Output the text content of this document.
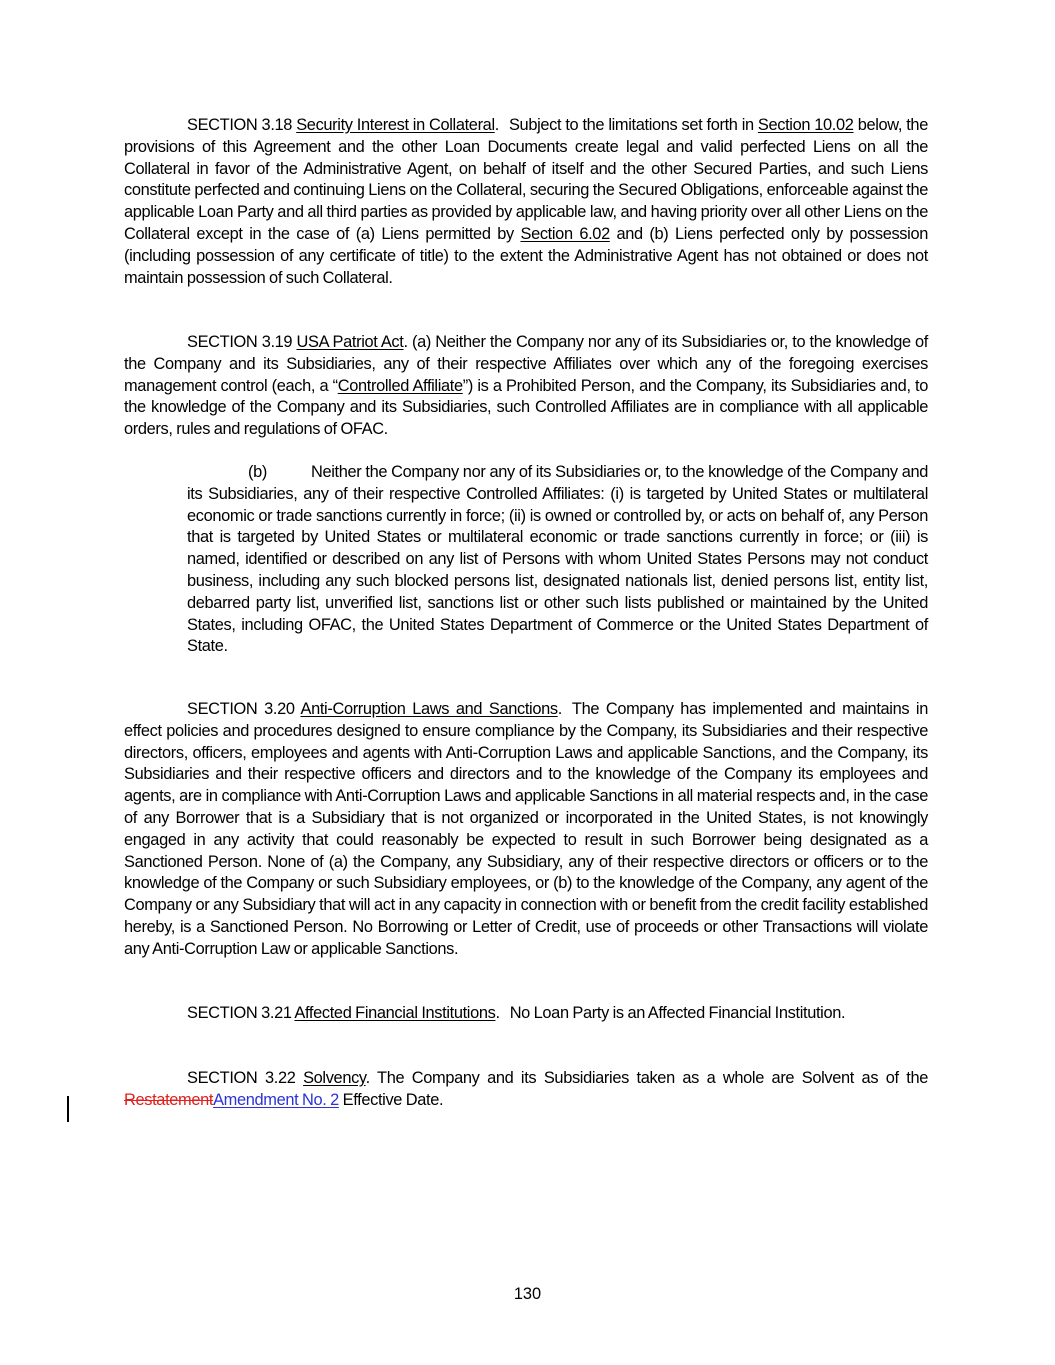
SECTION 3.18 Security Interest in Collateral. Subject to the limitations set forth in Section 10.02 below, the provisions of this Agreement and the other Loan Documents create legal and valid perfected Liens on all the Collateral in favor of the Administrative Agent, on behalf of itself and the other Secured Parties, and such Liens constitute perfected and continuing Liens on the Collateral, securing the Secured Obligations, enforceable against the applicable Loan Party and all third parties as provided by applicable law, and having priority over all other Liens on the Collateral except in the case of (a) Liens permitted by Section 6.02 and (b) Liens perfected only by possession (including possession of any certificate of title) to the extent the Administrative Agent has not obtained or does not maintain possession of such Collateral.

SECTION 3.19 USA Patriot Act. (a) Neither the Company nor any of its Subsidiaries or, to the knowledge of the Company and its Subsidiaries, any of their respective Affiliates over which any of the foregoing exercises management control (each, a “Controlled Affiliate”) is a Prohibited Person, and the Company, its Subsidiaries and, to the knowledge of the Company and its Subsidiaries, such Controlled Affiliates are in compliance with all applicable orders, rules and regulations of OFAC.

(b)	Neither the Company nor any of its Subsidiaries or, to the knowledge of the Company and its Subsidiaries, any of their respective Controlled Affiliates: (i) is targeted by United States or multilateral economic or trade sanctions currently in force; (ii) is owned or controlled by, or acts on behalf of, any Person that is targeted by United States or multilateral economic or trade sanctions currently in force; or (iii) is named, identified or described on any list of Persons with whom United States Persons may not conduct business, including any such blocked persons list, designated nationals list, denied persons list, entity list, debarred party list, unverified list, sanctions list or other such lists published or maintained by the United States, including OFAC, the United States Department of Commerce or the United States Department of State.

SECTION 3.20 Anti-Corruption Laws and Sanctions. The Company has implemented and maintains in effect policies and procedures designed to ensure compliance by the Company, its Subsidiaries and their respective directors, officers, employees and agents with Anti-Corruption Laws and applicable Sanctions, and the Company, its Subsidiaries and their respective officers and directors and to the knowledge of the Company its employees and agents, are in compliance with Anti-Corruption Laws and applicable Sanctions in all material respects and, in the case of any Borrower that is a Subsidiary that is not organized or incorporated in the United States, is not knowingly engaged in any activity that could reasonably be expected to result in such Borrower being designated as a Sanctioned Person. None of (a) the Company, any Subsidiary, any of their respective directors or officers or to the knowledge of the Company or such Subsidiary employees, or (b) to the knowledge of the Company, any agent of the Company or any Subsidiary that will act in any capacity in connection with or benefit from the credit facility established hereby, is a Sanctioned Person. No Borrowing or Letter of Credit, use of proceeds or other Transactions will violate any Anti-Corruption Law or applicable Sanctions.

SECTION 3.21 Affected Financial Institutions. No Loan Party is an Affected Financial Institution.

SECTION 3.22 Solvency. The Company and its Subsidiaries taken as a whole are Solvent as of the RestatementAmendment No. 2 Effective Date.

130
